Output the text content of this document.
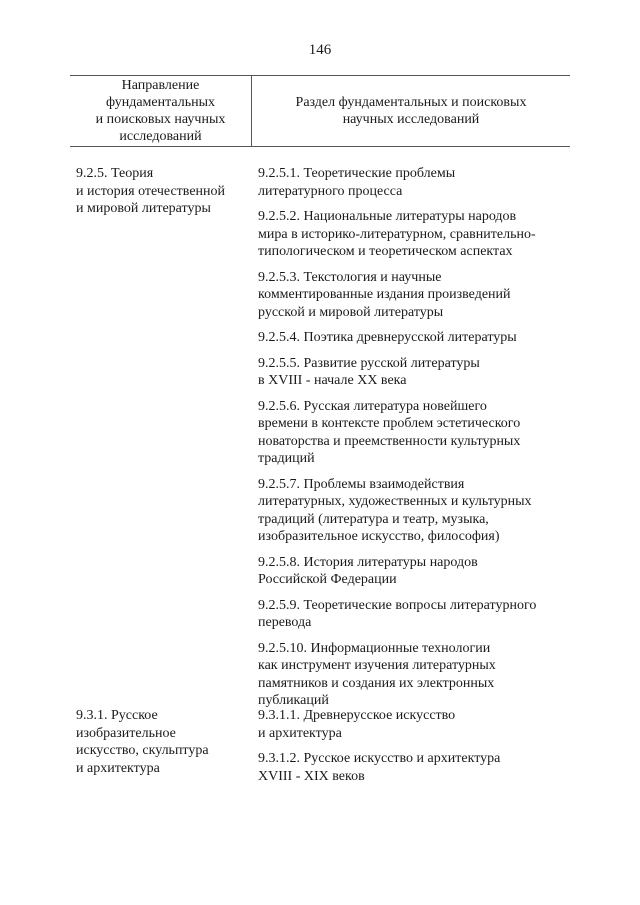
146
Направление
фундаментальных
и поисковых научных
исследований
Раздел фундаментальных и поисковых
научных исследований
9.2.5. Теория
и история отечественной
и мировой литературы
9.2.5.1. Теоретические проблемы
литературного процесса
9.2.5.2. Национальные литературы народов
мира в историко-литературном, сравнительно-
типологическом и теоретическом аспектах
9.2.5.3. Текстология и научные
комментированные издания произведений
русской и мировой литературы
9.2.5.4. Поэтика древнерусской литературы
9.2.5.5. Развитие русской литературы
в XVIII - начале XX века
9.2.5.6. Русская литература новейшего
времени в контексте проблем эстетического
новаторства и преемственности культурных
традиций
9.2.5.7. Проблемы взаимодействия
литературных, художественных и культурных
традиций (литература и театр, музыка,
изобразительное искусство, философия)
9.2.5.8. История литературы народов
Российской Федерации
9.2.5.9. Теоретические вопросы литературного
перевода
9.2.5.10. Информационные технологии
как инструмент изучения литературных
памятников и создания их электронных
публикаций
9.3.1. Русское
изобразительное
искусство, скульптура
и архитектура
9.3.1.1. Древнерусское искусство
и архитектура
9.3.1.2. Русское искусство и архитектура
XVIII - XIX веков
